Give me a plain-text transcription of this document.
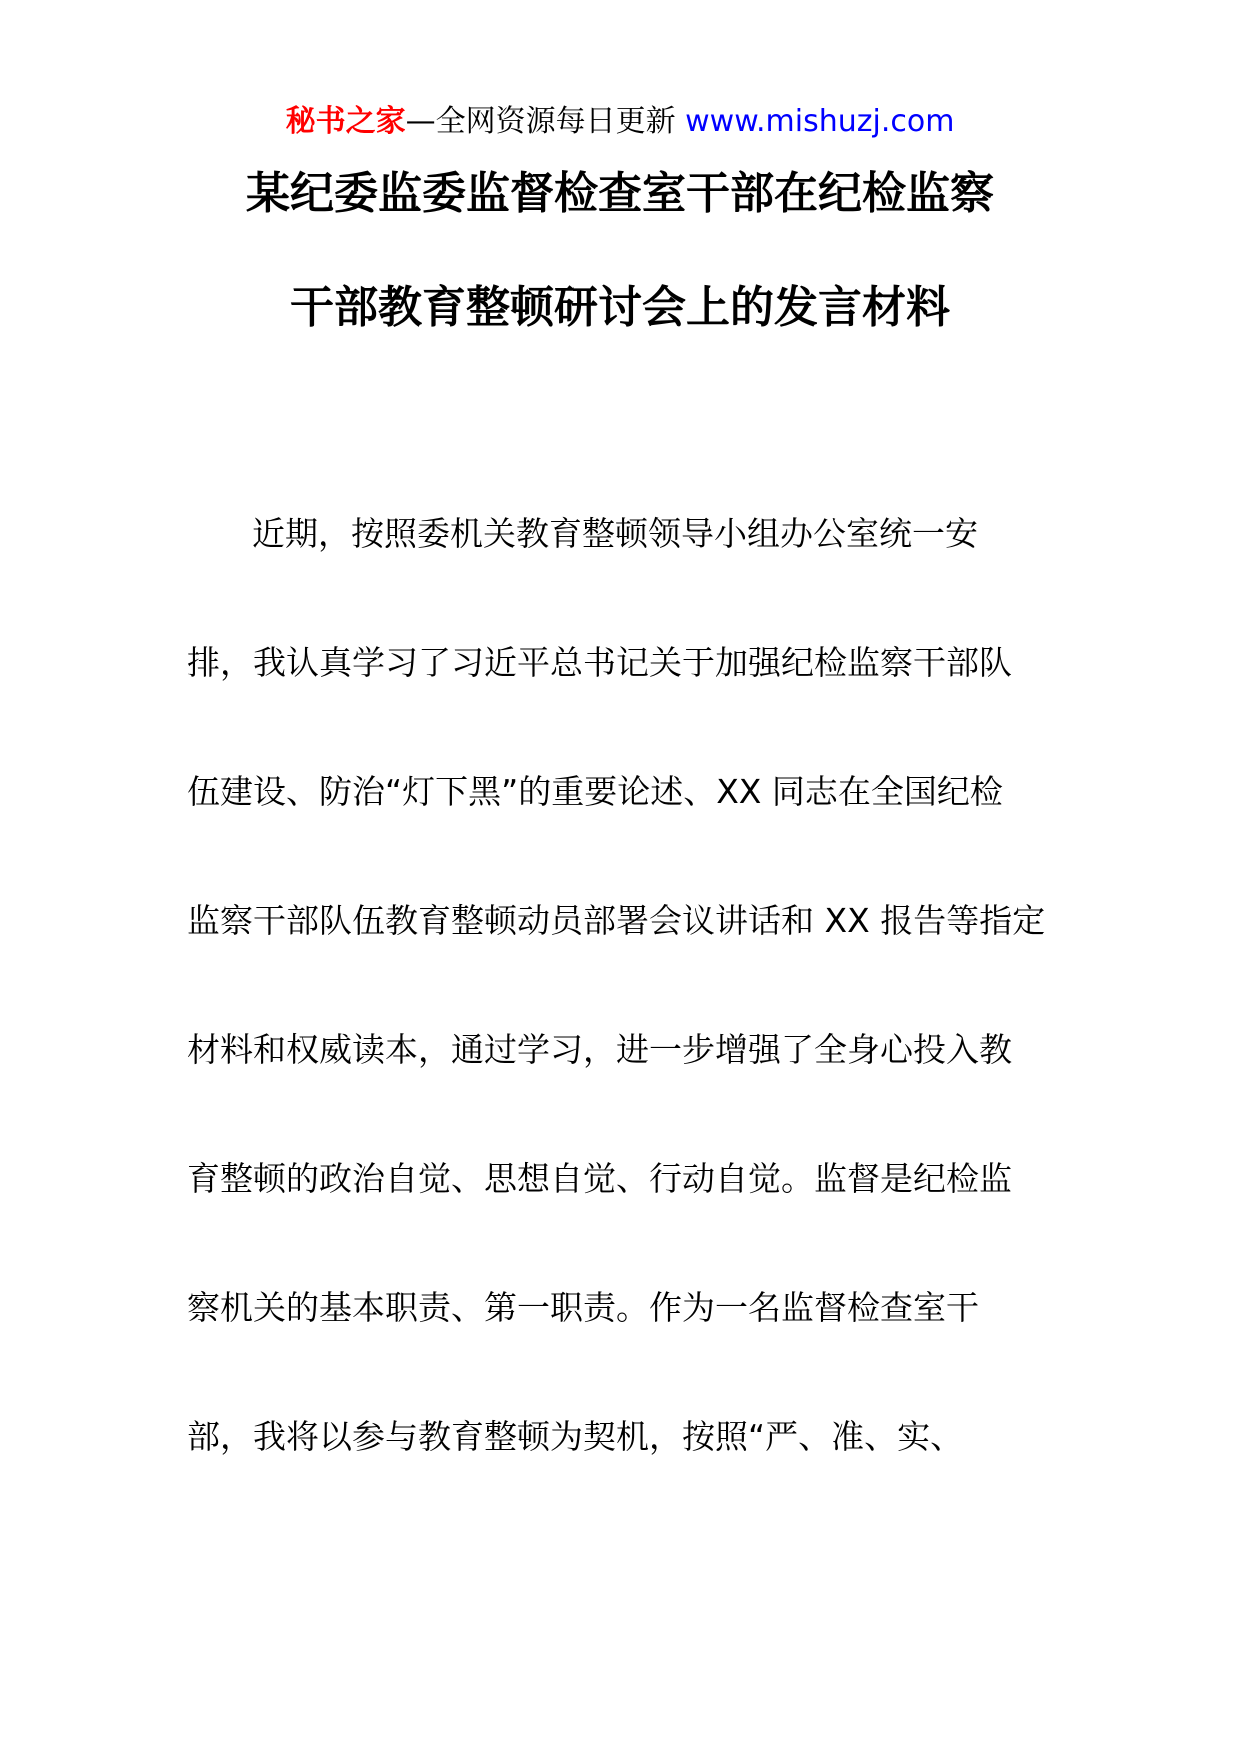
秘书之家—全网资源每日更新 www.mishuzj.com
某纪委监委监督检查室干部在纪检监察
干部教育整顿研讨会上的发言材料
近期，按照委机关教育整顿领导小组办公室统一安
排，我认真学习了习近平总书记关于加强纪检监察干部队
伍建设、防治“灯下黑”的重要论述、XX 同志在全国纪检
监察干部队伍教育整顿动员部署会议讲话和 XX 报告等指定
材料和权威读本，通过学习，进一步增强了全身心投入教
育整顿的政治自觉、思想自觉、行动自觉。监督是纪检监
察机关的基本职责、第一职责。作为一名监督检查室干
部，我将以参与教育整顿为契机，按照“严、准、实、
